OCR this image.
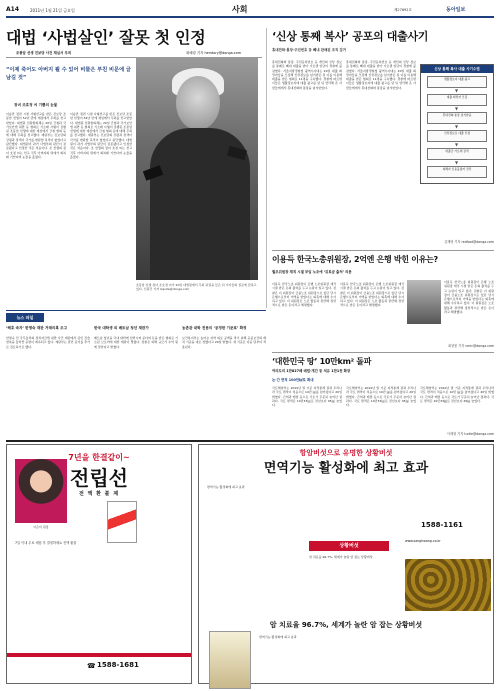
A14	2011년 1월 21일 금요일	사회	제27692호	동아일보
대법 ‘사법살인’ 잘못 첫 인정
조봉암 선생 진보당 사건 재심서 무죄	최혜령 기자 herstory@donga.com
“이제 죽어도 아버지 뵐 수 있어 비뚤은 부친 비문에 글 남길 것”
장녀 조호정 씨 기쁨의 눈물
이승만 정권 시절 사형선고를 받은 진보당 조봉암 선생이 52년 만에 재심에서 무죄를 선고받았다. 대법원 전원합의체는 20일 간첩과 국가보안법 위반 등 혐의로 기소돼 사형이 집행된 조봉암 선생에 대한 재심에서 간첩 혐의 등에 대해 무죄를 선고했다. 재판부는 진보당의 강령과 정책이 국가를 변란할 목적이 없었다고 판단했다. 대법원이 과거 사법부의 판단이 잘못됐다고 인정한 것은 처음이다. 조 선생의 장녀 호정 씨는 선고 직후 아버지의 명예가 회복돼 기쁘다며 눈물을 흘렸다.
이승만 정권 시절 사형선고를 받은 진보당 조봉암 선생이 52년 만에 재심에서 무죄를 선고받았다. 대법원 전원합의체는 20일 간첩과 국가보안법 위반 등 혐의로 기소돼 사형이 집행된 조봉암 선생에 대한 재심에서 간첩 혐의 등에 대해 무죄를 선고했다. 재판부는 진보당의 강령과 정책이 국가를 변란할 목적이 없었다고 판단했다. 대법원이 과거 사법부의 판단이 잘못됐다고 인정한 것은 처음이다. 조 선생의 장녀 호정 씨는 선고 직후 아버지의 명예가 회복돼 기쁘다며 눈물을 흘렸다.
조봉암 선생 장녀 조호정 씨가 20일 대법원에서 무죄 판결을 들은 뒤 기자들의 질문에 답하고 있다. 신원건 기자 laputa@donga.com
‘신상 통째 복사’ 공포의 대출사기
휴대전화·통장·주민번호 등 빼내 판매된 조직 검거
휴대전화와 통장, 주민등록번호 등 개인의 신상 정보를 통째로 빼내 대출을 받아 가로챈 일당이 경찰에 붙잡혔다. 서울지방경찰청 광역수사대는 20일 대출 희망자들을 모집해 신상정보를 넘겨받은 뒤 이를 이용해 대출을 받은 혐의로 11명을 구속했다. 경찰에 따르면 이들은 생활정보지에 대출 광고를 낸 뒤 연락해 온 사람들에게서 휴대전화와 통장을 넘겨받았다.
휴대전화와 통장, 주민등록번호 등 개인의 신상 정보를 통째로 빼내 대출을 받아 가로챈 일당이 경찰에 붙잡혔다. 서울지방경찰청 광역수사대는 20일 대출 희망자들을 모집해 신상정보를 넘겨받은 뒤 이를 이용해 대출을 받은 혐의로 11명을 구속했다. 경찰에 따르면 이들은 생활정보지에 대출 광고를 낸 뒤 연락해 온 사람들에게서 휴대전화와 통장을 넘겨받았다.
김재영 기자 redfoot@donga.com
신상 통째 복사 대출 사기수법
생활정보지 대출 광고
대출 희망자 모집
휴대전화·통장 넘겨받음
신상정보로 대출 신청
대출금 가로채 잠적
피해자 신용불량자 전락
▼
▼
▼
▼
▼
이용득 한국노총위원장, 2억엔 은행 박힌 이유는?
월조위원장 재직 시절 부임 노조에 ‘위로금 출처’ 의문
이용득 한국노총 위원장이 은행 노조위원장 재직 시절 받은 돈의 출처를 두고 논란이 일고 있다. 검찰은 이 위원장이 금융노조 위원장으로 있던 당시 은행으로부터 거액을 받았다는 의혹에 대해 수사하고 있다. 이 위원장은 노조 활동과 관련해 정상적으로 받은 돈이라고 해명했다.
이용득 한국노총 위원장이 은행 노조위원장 재직 시절 받은 돈의 출처를 두고 논란이 일고 있다. 검찰은 이 위원장이 금융노조 위원장으로 있던 당시 은행으로부터 거액을 받았다는 의혹에 대해 수사하고 있다. 이 위원장은 노조 활동과 관련해 정상적으로 받은 돈이라고 해명했다.
이용득 한국노총 위원장이 은행 노조위원장 재직 시절 받은 돈의 출처를 두고 논란이 일고 있다. 검찰은 이 위원장이 금융노조 위원장으로 있던 당시 은행으로부터 거액을 받았다는 의혹에 대해 수사하고 있다. 이 위원장은 노조 활동과 관련해 정상적으로 받은 돈이라고 해명했다.
최창봉 기자 ceric@donga.com
‘대한민국 땅’ 10만km² 돌파
여의도의 1만827배 매립·개간 등 석유 1만1천 확장
논·간 면적 100만㎢로 확대
국토해양부는 2010년 말 기준 지적통계 결과 우리나라 국토 면적이 처음으로 10만 ㎢를 넘어섰다고 20일 밝혔다. 간척과 매립 등으로 국토가 꾸준히 늘어난 결과다. 국토 면적은 10만33㎢로 전년보다 45㎢ 늘었다.
국토해양부는 2010년 말 기준 지적통계 결과 우리나라 국토 면적이 처음으로 10만 ㎢를 넘어섰다고 20일 밝혔다. 간척과 매립 등으로 국토가 꾸준히 늘어난 결과다. 국토 면적은 10만33㎢로 전년보다 45㎢ 늘었다.
국토해양부는 2010년 말 기준 지적통계 결과 우리나라 국토 면적이 처음으로 10만 ㎢를 넘어섰다고 20일 밝혔다. 간척과 매립 등으로 국토가 꾸준히 늘어난 결과다. 국토 면적은 10만33㎢로 전년보다 45㎢ 늘었다.
이세형 기자 turtle@donga.com
뉴스 파일
‘해호 속자’ 한명숙 재판 거래의혹 조고
한명숙 전 국무총리의 정치자금법 위반 사건 재판에서 증인 진술 번복을 둘러싼 공방이 계속되고 있다. 재판부는 관련 증거를 추가로 검토하기로 했다.
한국 대학생 외 베트남 청년 재판가
베트남 청년을 국내 대학에 입학시켜 준다며 돈을 받은 혐의로 기소된 브로커에 대한 재판이 열렸다. 검찰은 피해 규모가 수억 원에 달한다고 밝혔다.
농촌관 대학 전문의 ‘공정한 기준표’ 확정
보건복지부는 농어촌 지역 의료 공백을 막기 위해 공중보건의 배치 기준을 새로 정했다고 20일 밝혔다. 새 기준은 다음 달부터 적용된다.
7년을 한결같이~
전립선
전 액 환 불 제
이은미 원장
7일 이내 무료 체험 후 결정하세요 전액 환불
1588-1681
☎
항암버섯으로 유명한 상황버섯
면역기능 활성화에 최고 효과
상황버섯
면역기능 활성화에 최고 효과
암 치료율 96.7%, 세계가 놀란 암 잡는 상황버섯
www.sanghwang.co.kr
1588-1161
암 치료율 96.7%, 세계가 놀란 암 잡는 상황버섯
면역기능 활성화에 최고 효과
